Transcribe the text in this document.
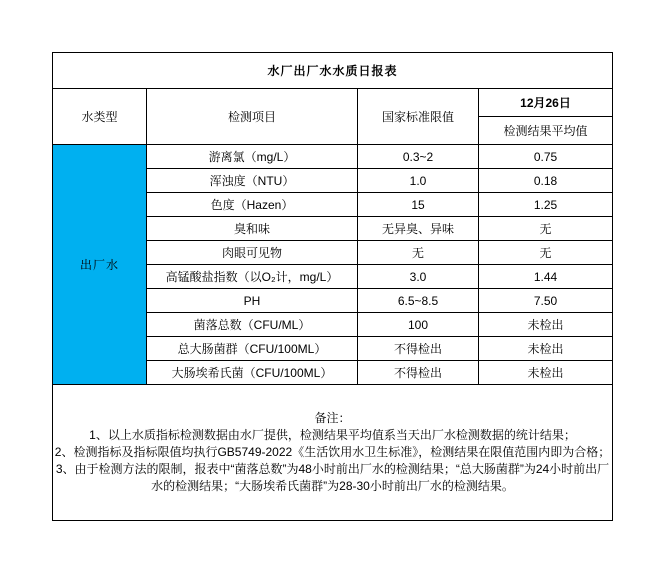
水厂出厂水水质日报表			
水类型	检测项目	国家标准限值	12月26日
			检测结果平均值
出厂水	游离氯（mg/L）	0.3~2	0.75
	浑浊度（NTU）	1.0	0.18
	色度（Hazen）	15	1.25
	臭和味	无异臭、异味	无
	肉眼可见物	无	无
	高锰酸盐指数（以O₂计，mg/L）	3.0	1.44
	PH	6.5~8.5	7.50
	菌落总数（CFU/ML）	100	未检出
	总大肠菌群（CFU/100ML）	不得检出	未检出
	大肠埃希氏菌（CFU/100ML）	不得检出	未检出

备注：

1、以上水质指标检测数据由水厂提供，检测结果平均值系当天出厂水检测数据的统计结果；

2、检测指标及指标限值均执行GB5749-2022《生活饮用水卫生标准》，检测结果在限值范围内即为合格；

3、由于检测方法的限制，报表中“菌落总数”为48小时前出厂水的检测结果；“总大肠菌群”为24小时前出厂水的检测结果；“大肠埃希氏菌群”为28-30小时前出厂水的检测结果。			
